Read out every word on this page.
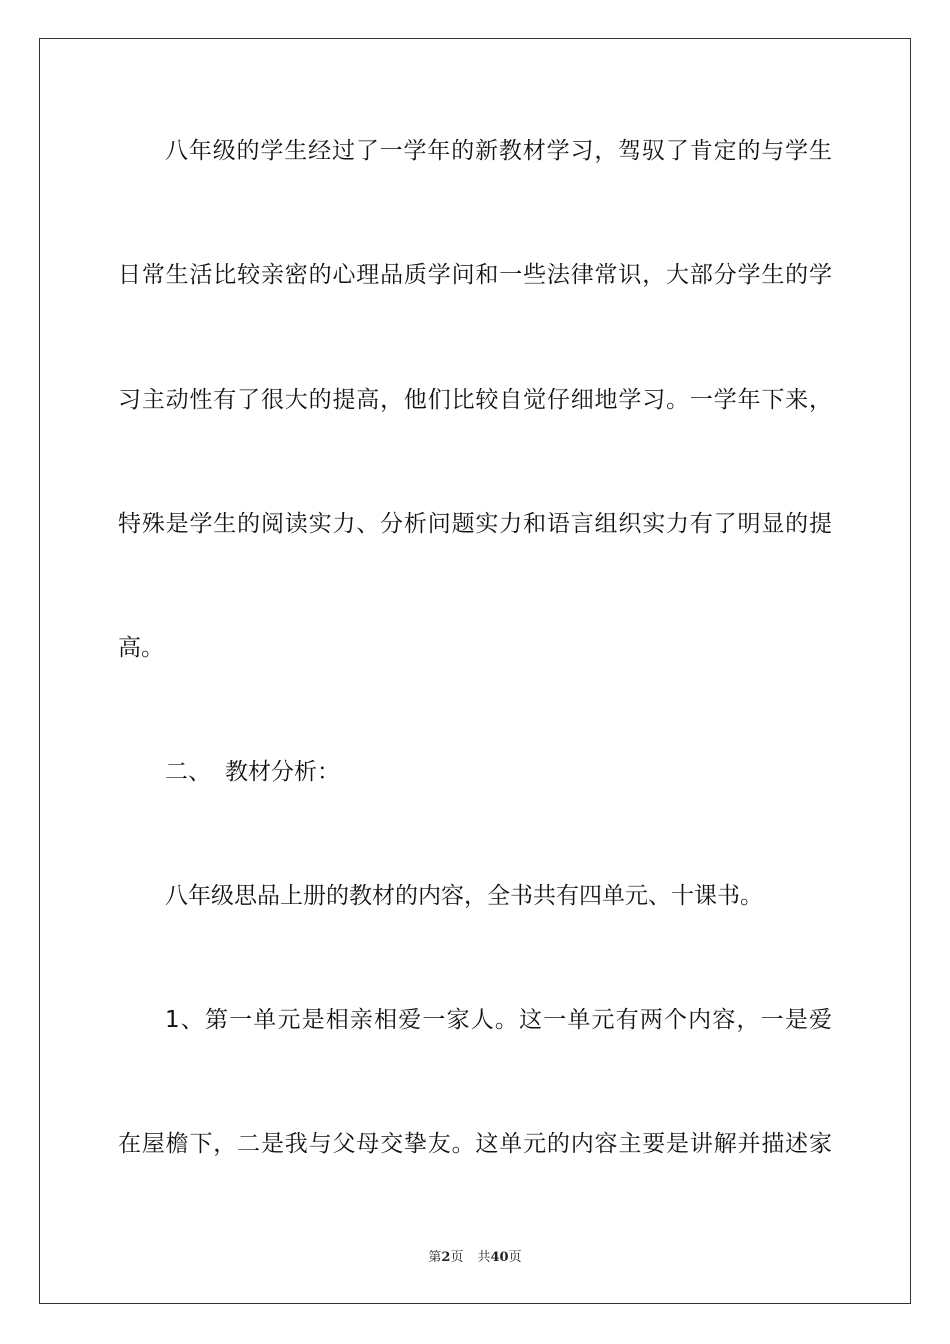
八年级的学生经过了一学年的新教材学习，驾驭了肯定的与学生
日常生活比较亲密的心理品质学问和一些法律常识，大部分学生的学
习主动性有了很大的提高，他们比较自觉仔细地学习。一学年下来，
特殊是学生的阅读实力、分析问题实力和语言组织实力有了明显的提
高。
二、 教材分析：
八年级思品上册的教材的内容，全书共有四单元、十课书。
1、第一单元是相亲相爱一家人。这一单元有两个内容，一是爱
在屋檐下，二是我与父母交挚友。这单元的内容主要是讲解并描述家
第2页 共40页
